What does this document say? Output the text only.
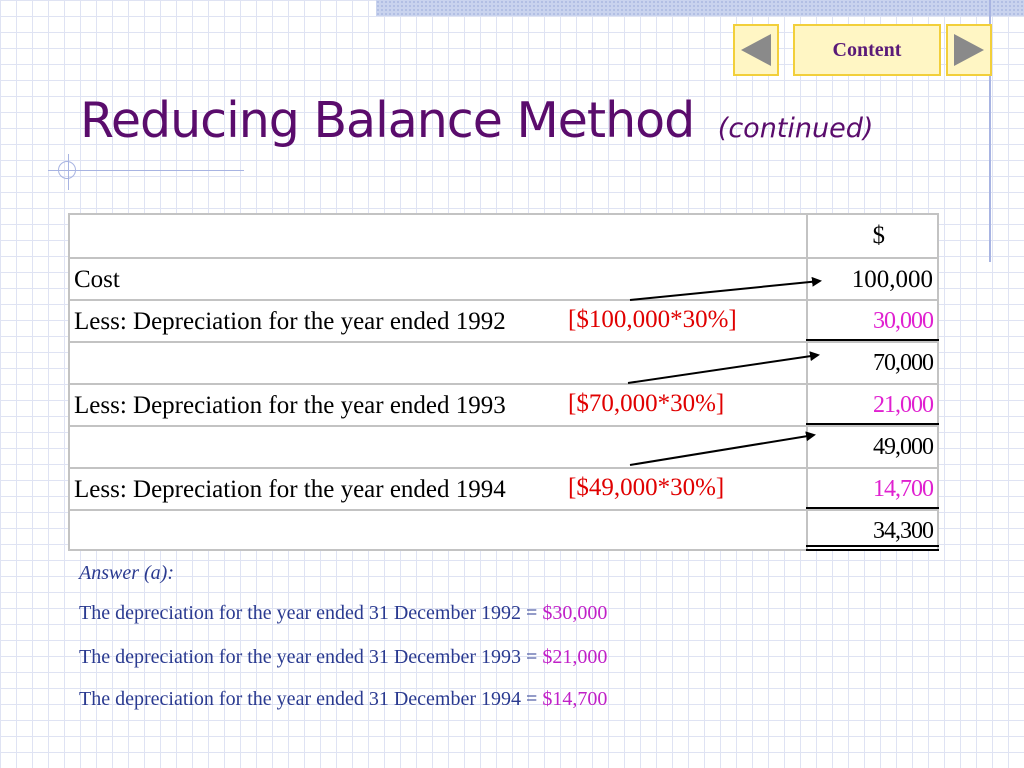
Content
Reducing Balance Method (continued)
$
Cost	100,000
Less: Depreciation for the year ended 1992 [$100,000*30%]	30,000
70,000
Less: Depreciation for the year ended 1993 [$70,000*30%]	21,000
49,000
Less: Depreciation for the year ended 1994 [$49,000*30%]	14,700
34,300
Answer (a):
The depreciation for the year ended 31 December 1992 = $30,000
The depreciation for the year ended 31 December 1993 = $21,000
The depreciation for the year ended 31 December 1994 = $14,700
